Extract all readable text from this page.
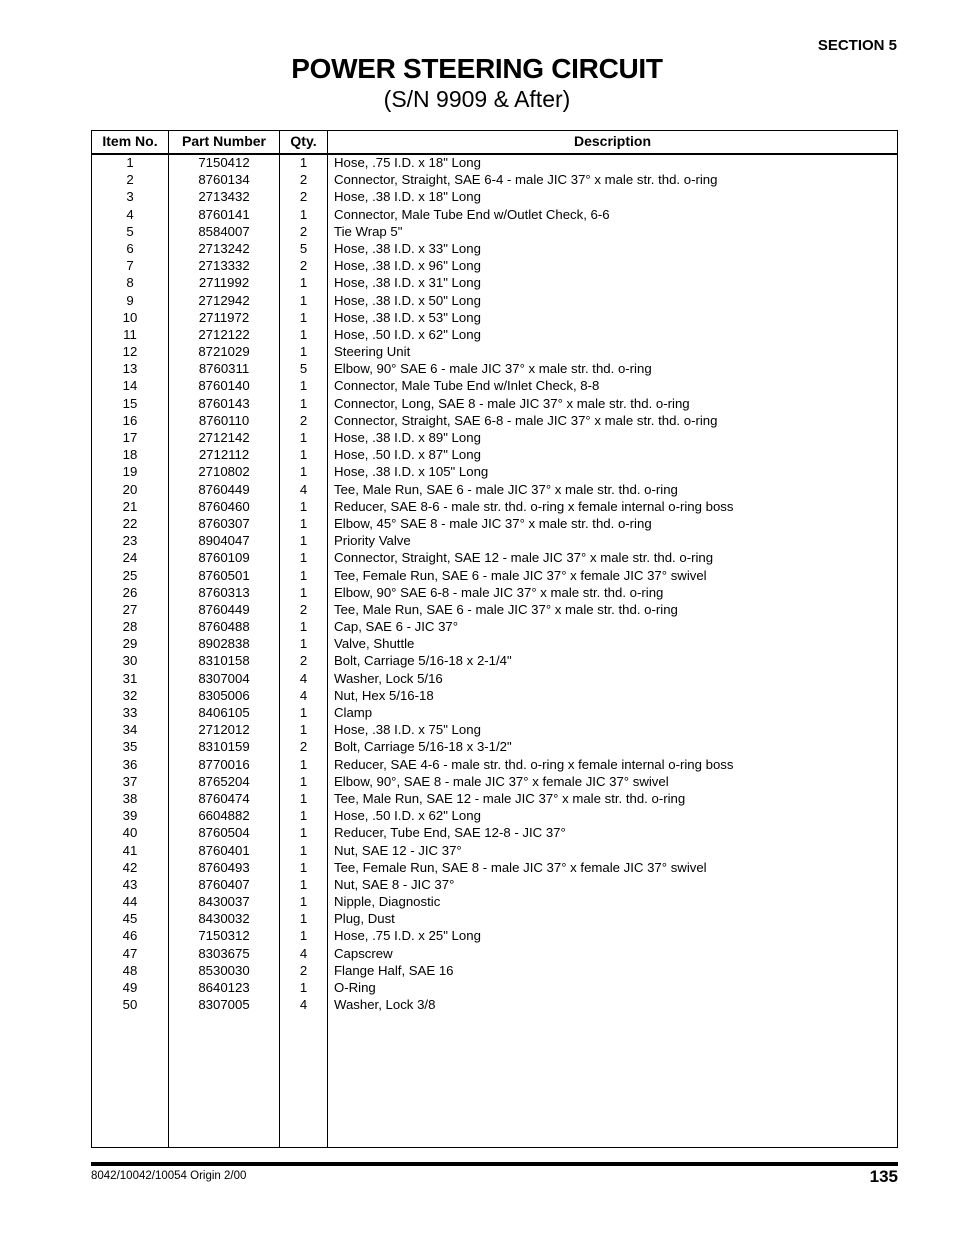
SECTION 5
POWER STEERING CIRCUIT
(S/N 9909 & After)
Item No.	Part Number	Qty.	Description
1	7150412	1	Hose, .75 I.D. x 18" Long
2	8760134	2	Connector, Straight, SAE 6-4 - male JIC 37° x male str. thd. o-ring
3	2713432	2	Hose, .38 I.D. x 18" Long
4	8760141	1	Connector, Male Tube End w/Outlet Check, 6-6
5	8584007	2	Tie Wrap 5"
6	2713242	5	Hose, .38 I.D. x 33" Long
7	2713332	2	Hose, .38 I.D. x 96" Long
8	2711992	1	Hose, .38 I.D. x 31" Long
9	2712942	1	Hose, .38 I.D. x 50" Long
10	2711972	1	Hose, .38 I.D. x 53" Long
11	2712122	1	Hose, .50 I.D. x 62" Long
12	8721029	1	Steering Unit
13	8760311	5	Elbow, 90° SAE 6 - male JIC 37° x male str. thd. o-ring
14	8760140	1	Connector, Male Tube End w/Inlet Check, 8-8
15	8760143	1	Connector, Long, SAE 8 - male JIC 37° x male str. thd. o-ring
16	8760110	2	Connector, Straight, SAE 6-8 - male JIC 37° x male str. thd. o-ring
17	2712142	1	Hose, .38 I.D. x 89" Long
18	2712112	1	Hose, .50 I.D. x 87" Long
19	2710802	1	Hose, .38 I.D. x 105" Long
20	8760449	4	Tee, Male Run, SAE 6 - male JIC 37° x male str. thd. o-ring
21	8760460	1	Reducer, SAE 8-6 - male str. thd. o-ring x female internal o-ring boss
22	8760307	1	Elbow, 45° SAE 8 - male JIC 37° x male str. thd. o-ring
23	8904047	1	Priority Valve
24	8760109	1	Connector, Straight, SAE 12 - male JIC 37° x male str. thd. o-ring
25	8760501	1	Tee, Female Run, SAE 6 - male JIC 37° x female JIC 37° swivel
26	8760313	1	Elbow, 90° SAE 6-8 - male JIC 37° x male str. thd. o-ring
27	8760449	2	Tee, Male Run, SAE 6 - male JIC 37° x male str. thd. o-ring
28	8760488	1	Cap, SAE 6 - JIC 37°
29	8902838	1	Valve, Shuttle
30	8310158	2	Bolt, Carriage 5/16-18 x 2-1/4"
31	8307004	4	Washer, Lock 5/16
32	8305006	4	Nut, Hex 5/16-18
33	8406105	1	Clamp
34	2712012	1	Hose, .38 I.D. x 75" Long
35	8310159	2	Bolt, Carriage 5/16-18 x 3-1/2"
36	8770016	1	Reducer, SAE 4-6 - male str. thd. o-ring x female internal o-ring boss
37	8765204	1	Elbow, 90°, SAE 8 - male JIC 37° x female JIC 37° swivel
38	8760474	1	Tee, Male Run, SAE 12 - male JIC 37° x male str. thd. o-ring
39	6604882	1	Hose, .50 I.D. x 62" Long
40	8760504	1	Reducer, Tube End, SAE 12-8 - JIC 37°
41	8760401	1	Nut, SAE 12 - JIC 37°
42	8760493	1	Tee, Female Run, SAE 8 - male JIC 37° x female JIC 37° swivel
43	8760407	1	Nut, SAE 8 - JIC 37°
44	8430037	1	Nipple, Diagnostic
45	8430032	1	Plug, Dust
46	7150312	1	Hose, .75 I.D. x 25" Long
47	8303675	4	Capscrew
48	8530030	2	Flange Half, SAE 16
49	8640123	1	O-Ring
50	8307005	4	Washer, Lock 3/8
8042/10042/10054 Origin 2/00	135
